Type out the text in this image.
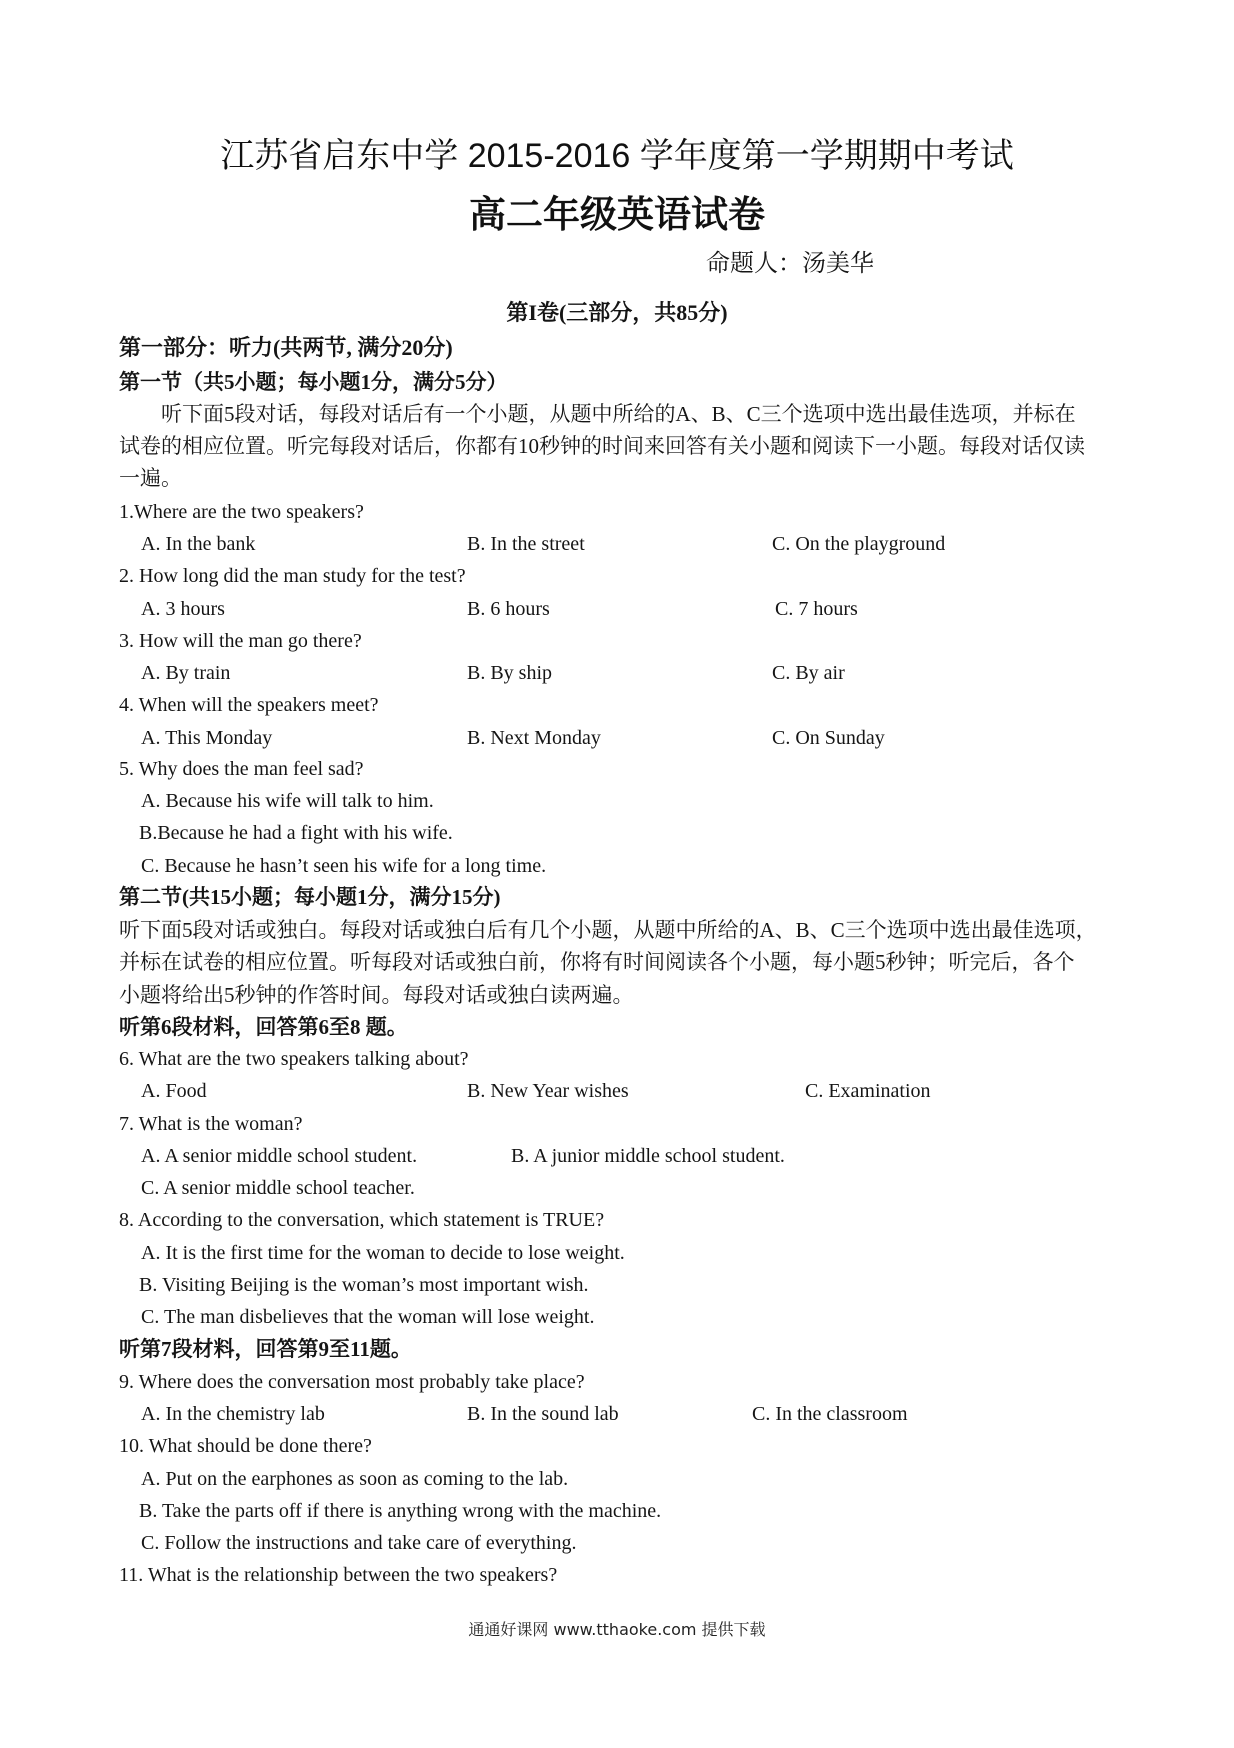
江苏省启东中学 2015-2016 学年度第一学期期中考试
高二年级英语试卷
命题人：汤美华
第I卷(三部分，共85分)
第一部分：听力(共两节, 满分20分)
第一节（共5小题；每小题1分，满分5分）
听下面5段对话，每段对话后有一个小题，从题中所给的A、B、C三个选项中选出最佳选项，并标在
试卷的相应位置。听完每段对话后，你都有10秒钟的时间来回答有关小题和阅读下一小题。每段对话仅读
一遍。
1.Where are the two speakers?
A. In the bank	B. In the street	C. On the playground
2. How long did the man study for the test?
A. 3 hours	B. 6 hours	C. 7 hours
3. How will the man go there?
A. By train	B. By ship	C. By air
4. When will the speakers meet?
A. This Monday	B. Next Monday	C. On Sunday
5. Why does the man feel sad?
A. Because his wife will talk to him.
B.Because he had a fight with his wife.
C. Because he hasn’t seen his wife for a long time.
第二节(共15小题；每小题1分，满分15分)
听下面5段对话或独白。每段对话或独白后有几个小题，从题中所给的A、B、C三个选项中选出最佳选项，
并标在试卷的相应位置。听每段对话或独白前，你将有时间阅读各个小题，每小题5秒钟；听完后，各个
小题将给出5秒钟的作答时间。每段对话或独白读两遍。
听第6段材料，回答第6至8 题。
6. What are the two speakers talking about?
A. Food	B. New Year wishes	C. Examination
7. What is the woman?
A. A senior middle school student.	B. A junior middle school student.
C. A senior middle school teacher.
8. According to the conversation, which statement is TRUE?
A. It is the first time for the woman to decide to lose weight.
B. Visiting Beijing is the woman’s most important wish.
C. The man disbelieves that the woman will lose weight.
听第7段材料，回答第9至11题。
9. Where does the conversation most probably take place?
A. In the chemistry lab	B. In the sound lab	C. In the classroom
10. What should be done there?
A. Put on the earphones as soon as coming to the lab.
B. Take the parts off if there is anything wrong with the machine.
C. Follow the instructions and take care of everything.
11. What is the relationship between the two speakers?
通通好课网 www.tthaoke.com 提供下载
